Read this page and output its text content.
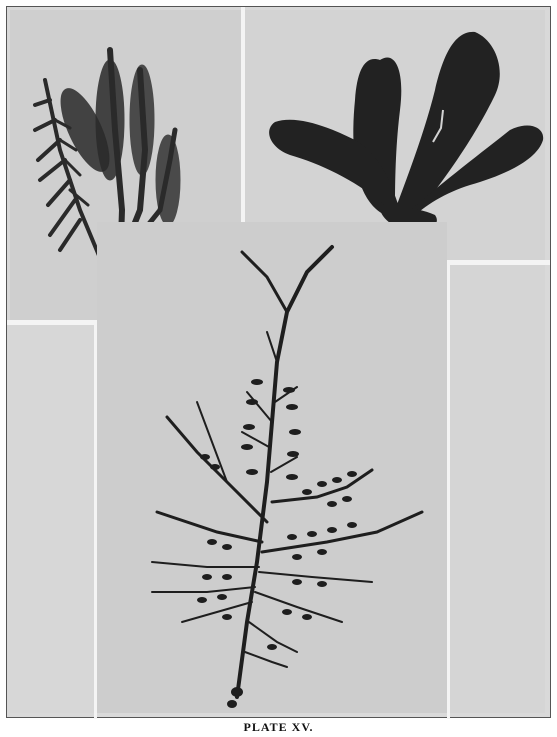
PLATE XV.
